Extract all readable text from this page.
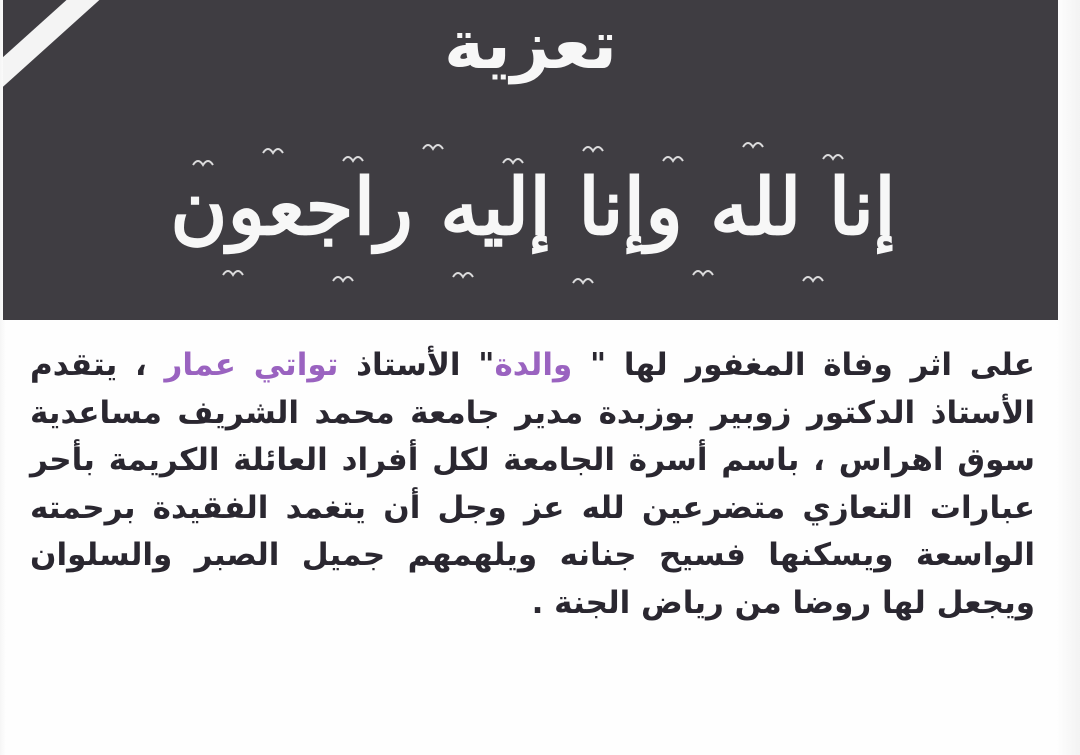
تعزية
إنا لله وإنا إليه راجعون
على اثر وفاة المغفور لها " والدة" الأستاذ تواتي عمار ، يتقدم الأستاذ الدكتور زوبير بوزبدة مدير جامعة محمد الشريف مساعدية سوق اهراس ، باسم أسرة الجامعة لكل أفراد العائلة الكريمة بأحر عبارات التعازي متضرعين لله عز وجل أن يتغمد الفقيدة برحمته الواسعة ويسكنها فسيح جنانه ويلهمهم جميل الصبر والسلوان ويجعل لها روضا من رياض الجنة .
